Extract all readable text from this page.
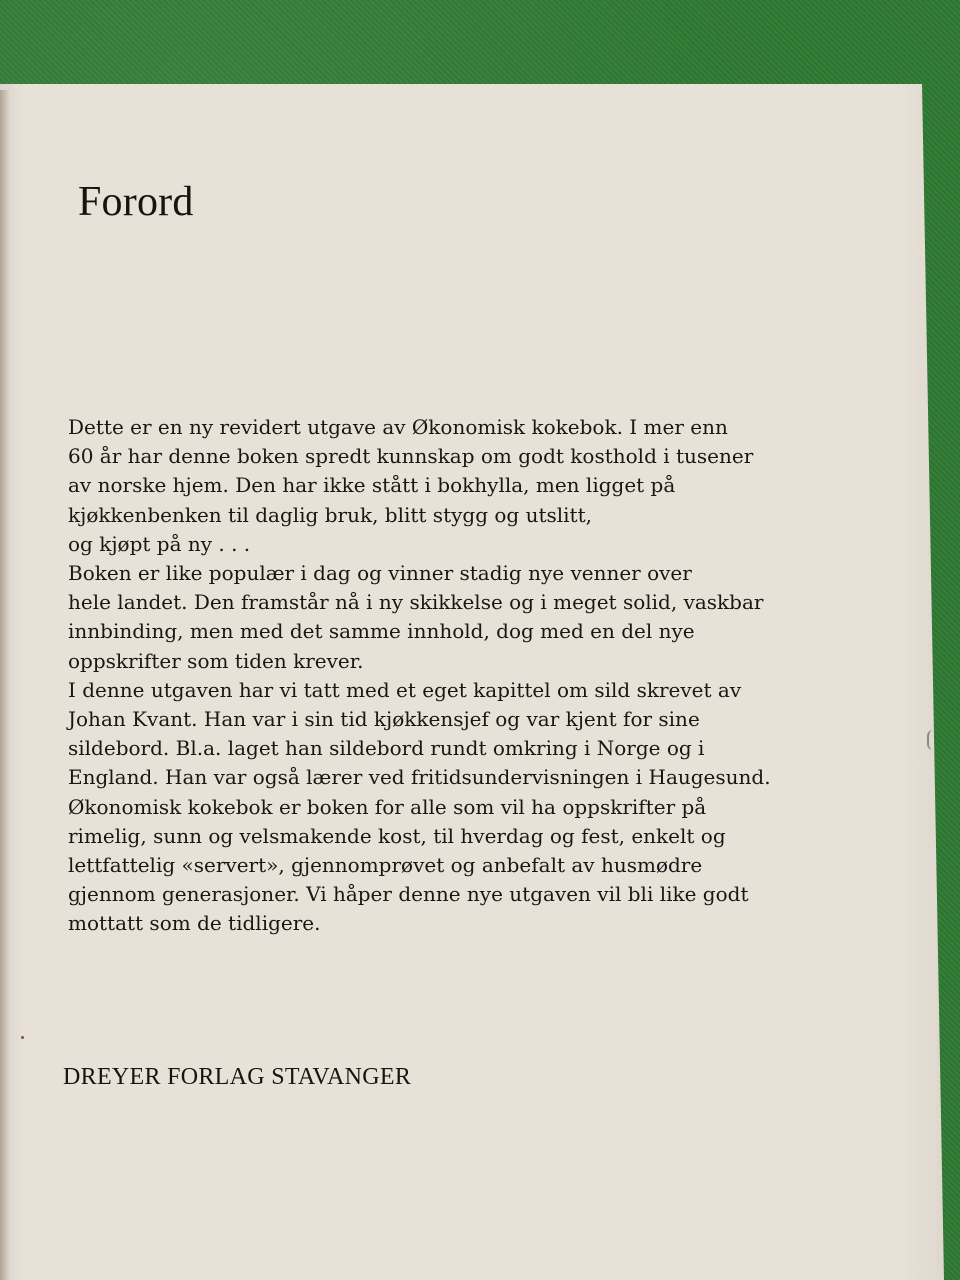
Forord
Dette er en ny revidert utgave av Økonomisk kokebok. I mer enn
60 år har denne boken spredt kunnskap om godt kosthold i tusener
av norske hjem. Den har ikke stått i bokhylla, men ligget på
kjøkkenbenken til daglig bruk, blitt stygg og utslitt,
og kjøpt på ny . . .
Boken er like populær i dag og vinner stadig nye venner over
hele landet. Den framstår nå i ny skikkelse og i meget solid, vaskbar
innbinding, men med det samme innhold, dog med en del nye
oppskrifter som tiden krever.
I denne utgaven har vi tatt med et eget kapittel om sild skrevet av
Johan Kvant. Han var i sin tid kjøkkensjef og var kjent for sine
sildebord. Bl.a. laget han sildebord rundt omkring i Norge og i
England. Han var også lærer ved fritidsundervisningen i Haugesund.
Økonomisk kokebok er boken for alle som vil ha oppskrifter på
rimelig, sunn og velsmakende kost, til hverdag og fest, enkelt og
lettfattelig «servert», gjennomprøvet og anbefalt av husmødre
gjennom generasjoner. Vi håper denne nye utgaven vil bli like godt
mottatt som de tidligere.
DREYER FORLAG STAVANGER
